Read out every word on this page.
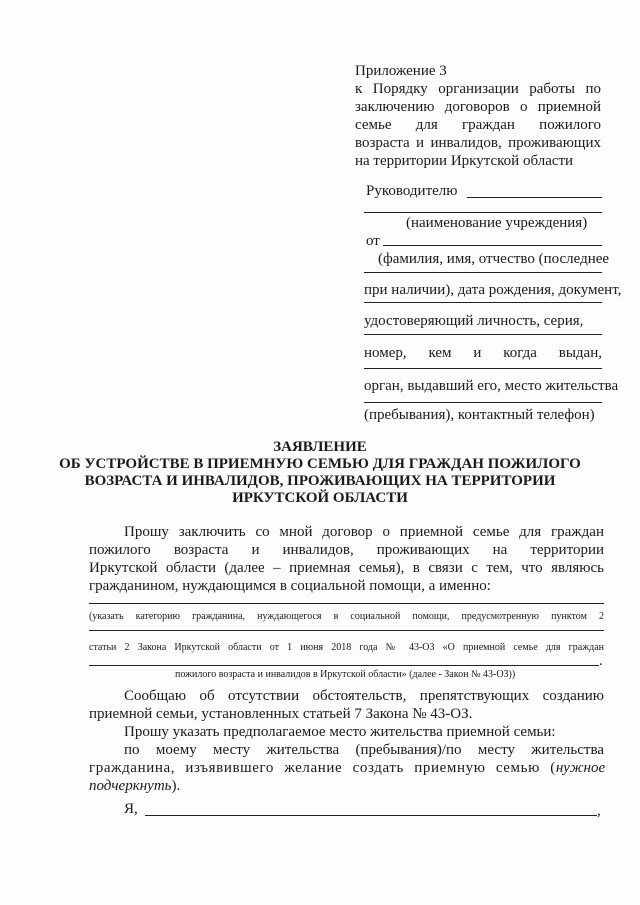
Приложение 3
к Порядку организации работы по
заключению договоров о приемной
семье для граждан пожилого
возраста и инвалидов, проживающих
на территории Иркутской области
Руководителю
(наименование учреждения)
от
(фамилия, имя, отчество (последнее
при наличии), дата рождения, документ,
удостоверяющий личность, серия,
номер, кем и когда выдан,
орган, выдавший его, место жительства
(пребывания), контактный телефон)
ЗАЯВЛЕНИЕ
ОБ УСТРОЙСТВЕ В ПРИЕМНУЮ СЕМЬЮ ДЛЯ ГРАЖДАН ПОЖИЛОГО
ВОЗРАСТА И ИНВАЛИДОВ, ПРОЖИВАЮЩИХ НА ТЕРРИТОРИИ
ИРКУТСКОЙ ОБЛАСТИ
Прошу заключить со мной договор о приемной семье для граждан
пожилого возраста и инвалидов, проживающих на территории
Иркутской области (далее – приемная семья), в связи с тем, что являюсь
гражданином, нуждающимся в социальной помощи, а именно:
(указать категорию гражданина, нуждающегося в социальной помощи, предусмотренную пунктом 2
статьи 2 Закона Иркутской области от 1 июня 2018 года № 43-ОЗ «О приемной семье для граждан
.
пожилого возраста и инвалидов в Иркутской области» (далее - Закон № 43-ОЗ))
Сообщаю об отсутствии обстоятельств, препятствующих созданию
приемной семьи, установленных статьей 7 Закона № 43-ОЗ.
Прошу указать предполагаемое место жительства приемной семьи:
по моему месту жительства (пребывания)/по месту жительства
гражданина, изъявившего желание создать приемную семью ( нужное
подчеркнуть).
Я,	,
